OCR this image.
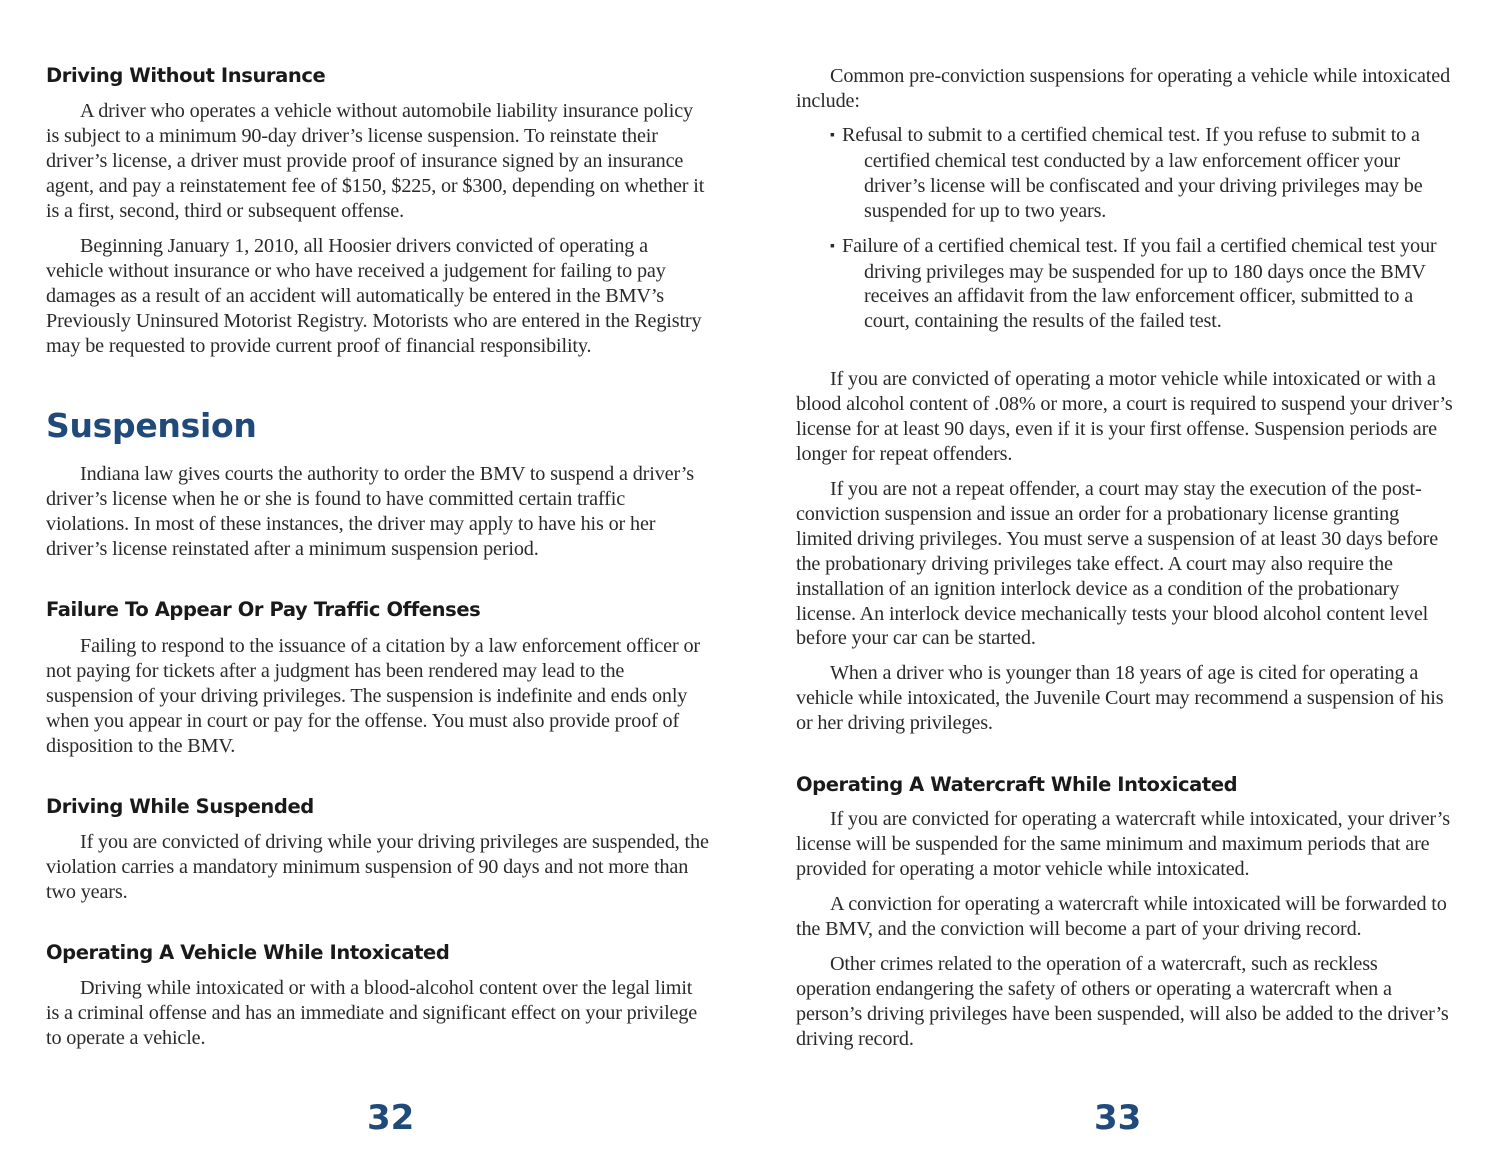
Driving Without Insurance

A driver who operates a vehicle without automobile liability insurance policy is subject to a minimum 90-day driver’s license suspension. To reinstate their driver’s license, a driver must provide proof of insurance signed by an insurance agent, and pay a reinstatement fee of $150, $225, or $300, depending on whether it is a first, second, third or subsequent offense.

Beginning January 1, 2010, all Hoosier drivers convicted of operating a vehicle without insurance or who have received a judgement for failing to pay damages as a result of an accident will automatically be entered in the BMV’s Previously Uninsured Motorist Registry. Motorists who are entered in the Registry may be requested to provide current proof of financial responsibility.

Suspension

Indiana law gives courts the authority to order the BMV to suspend a driver’s driver’s license when he or she is found to have committed certain traffic violations. In most of these instances, the driver may apply to have his or her driver’s license reinstated after a minimum suspension period.

Failure To Appear Or Pay Traffic Offenses

Failing to respond to the issuance of a citation by a law enforcement officer or not paying for tickets after a judgment has been rendered may lead to the suspension of your driving privileges. The suspension is indefinite and ends only when you appear in court or pay for the offense. You must also provide proof of disposition to the BMV.

Driving While Suspended

If you are convicted of driving while your driving privileges are suspended, the violation carries a mandatory minimum suspension of 90 days and not more than two years.

Operating A Vehicle While Intoxicated

Driving while intoxicated or with a blood-alcohol content over the legal limit is a criminal offense and has an immediate and significant effect on your privilege to operate a vehicle.

32

Common pre-conviction suspensions for operating a vehicle while intoxicated include:

▪ Refusal to submit to a certified chemical test. If you refuse to submit to a certified chemical test conducted by a law enforcement officer your driver’s license will be confiscated and your driving privileges may be suspended for up to two years.
▪ Failure of a certified chemical test. If you fail a certified chemical test your driving privileges may be suspended for up to 180 days once the BMV receives an affidavit from the law enforcement officer, submitted to a court, containing the results of the failed test.

If you are convicted of operating a motor vehicle while intoxicated or with a blood alcohol content of .08% or more, a court is required to suspend your driver’s license for at least 90 days, even if it is your first offense. Suspension periods are longer for repeat offenders.

If you are not a repeat offender, a court may stay the execution of the post-conviction suspension and issue an order for a probationary license granting limited driving privileges. You must serve a suspension of at least 30 days before the probationary driving privileges take effect. A court may also require the installation of an ignition interlock device as a condition of the probationary license. An interlock device mechanically tests your blood alcohol content level before your car can be started.

When a driver who is younger than 18 years of age is cited for operating a vehicle while intoxicated, the Juvenile Court may recommend a suspension of his or her driving privileges.

Operating A Watercraft While Intoxicated

If you are convicted for operating a watercraft while intoxicated, your driver’s license will be suspended for the same minimum and maximum periods that are provided for operating a motor vehicle while intoxicated.

A conviction for operating a watercraft while intoxicated will be forwarded to the BMV, and the conviction will become a part of your driving record.

Other crimes related to the operation of a watercraft, such as reckless operation endangering the safety of others or operating a watercraft when a person’s driving privileges have been suspended, will also be added to the driver’s driving record.

33
